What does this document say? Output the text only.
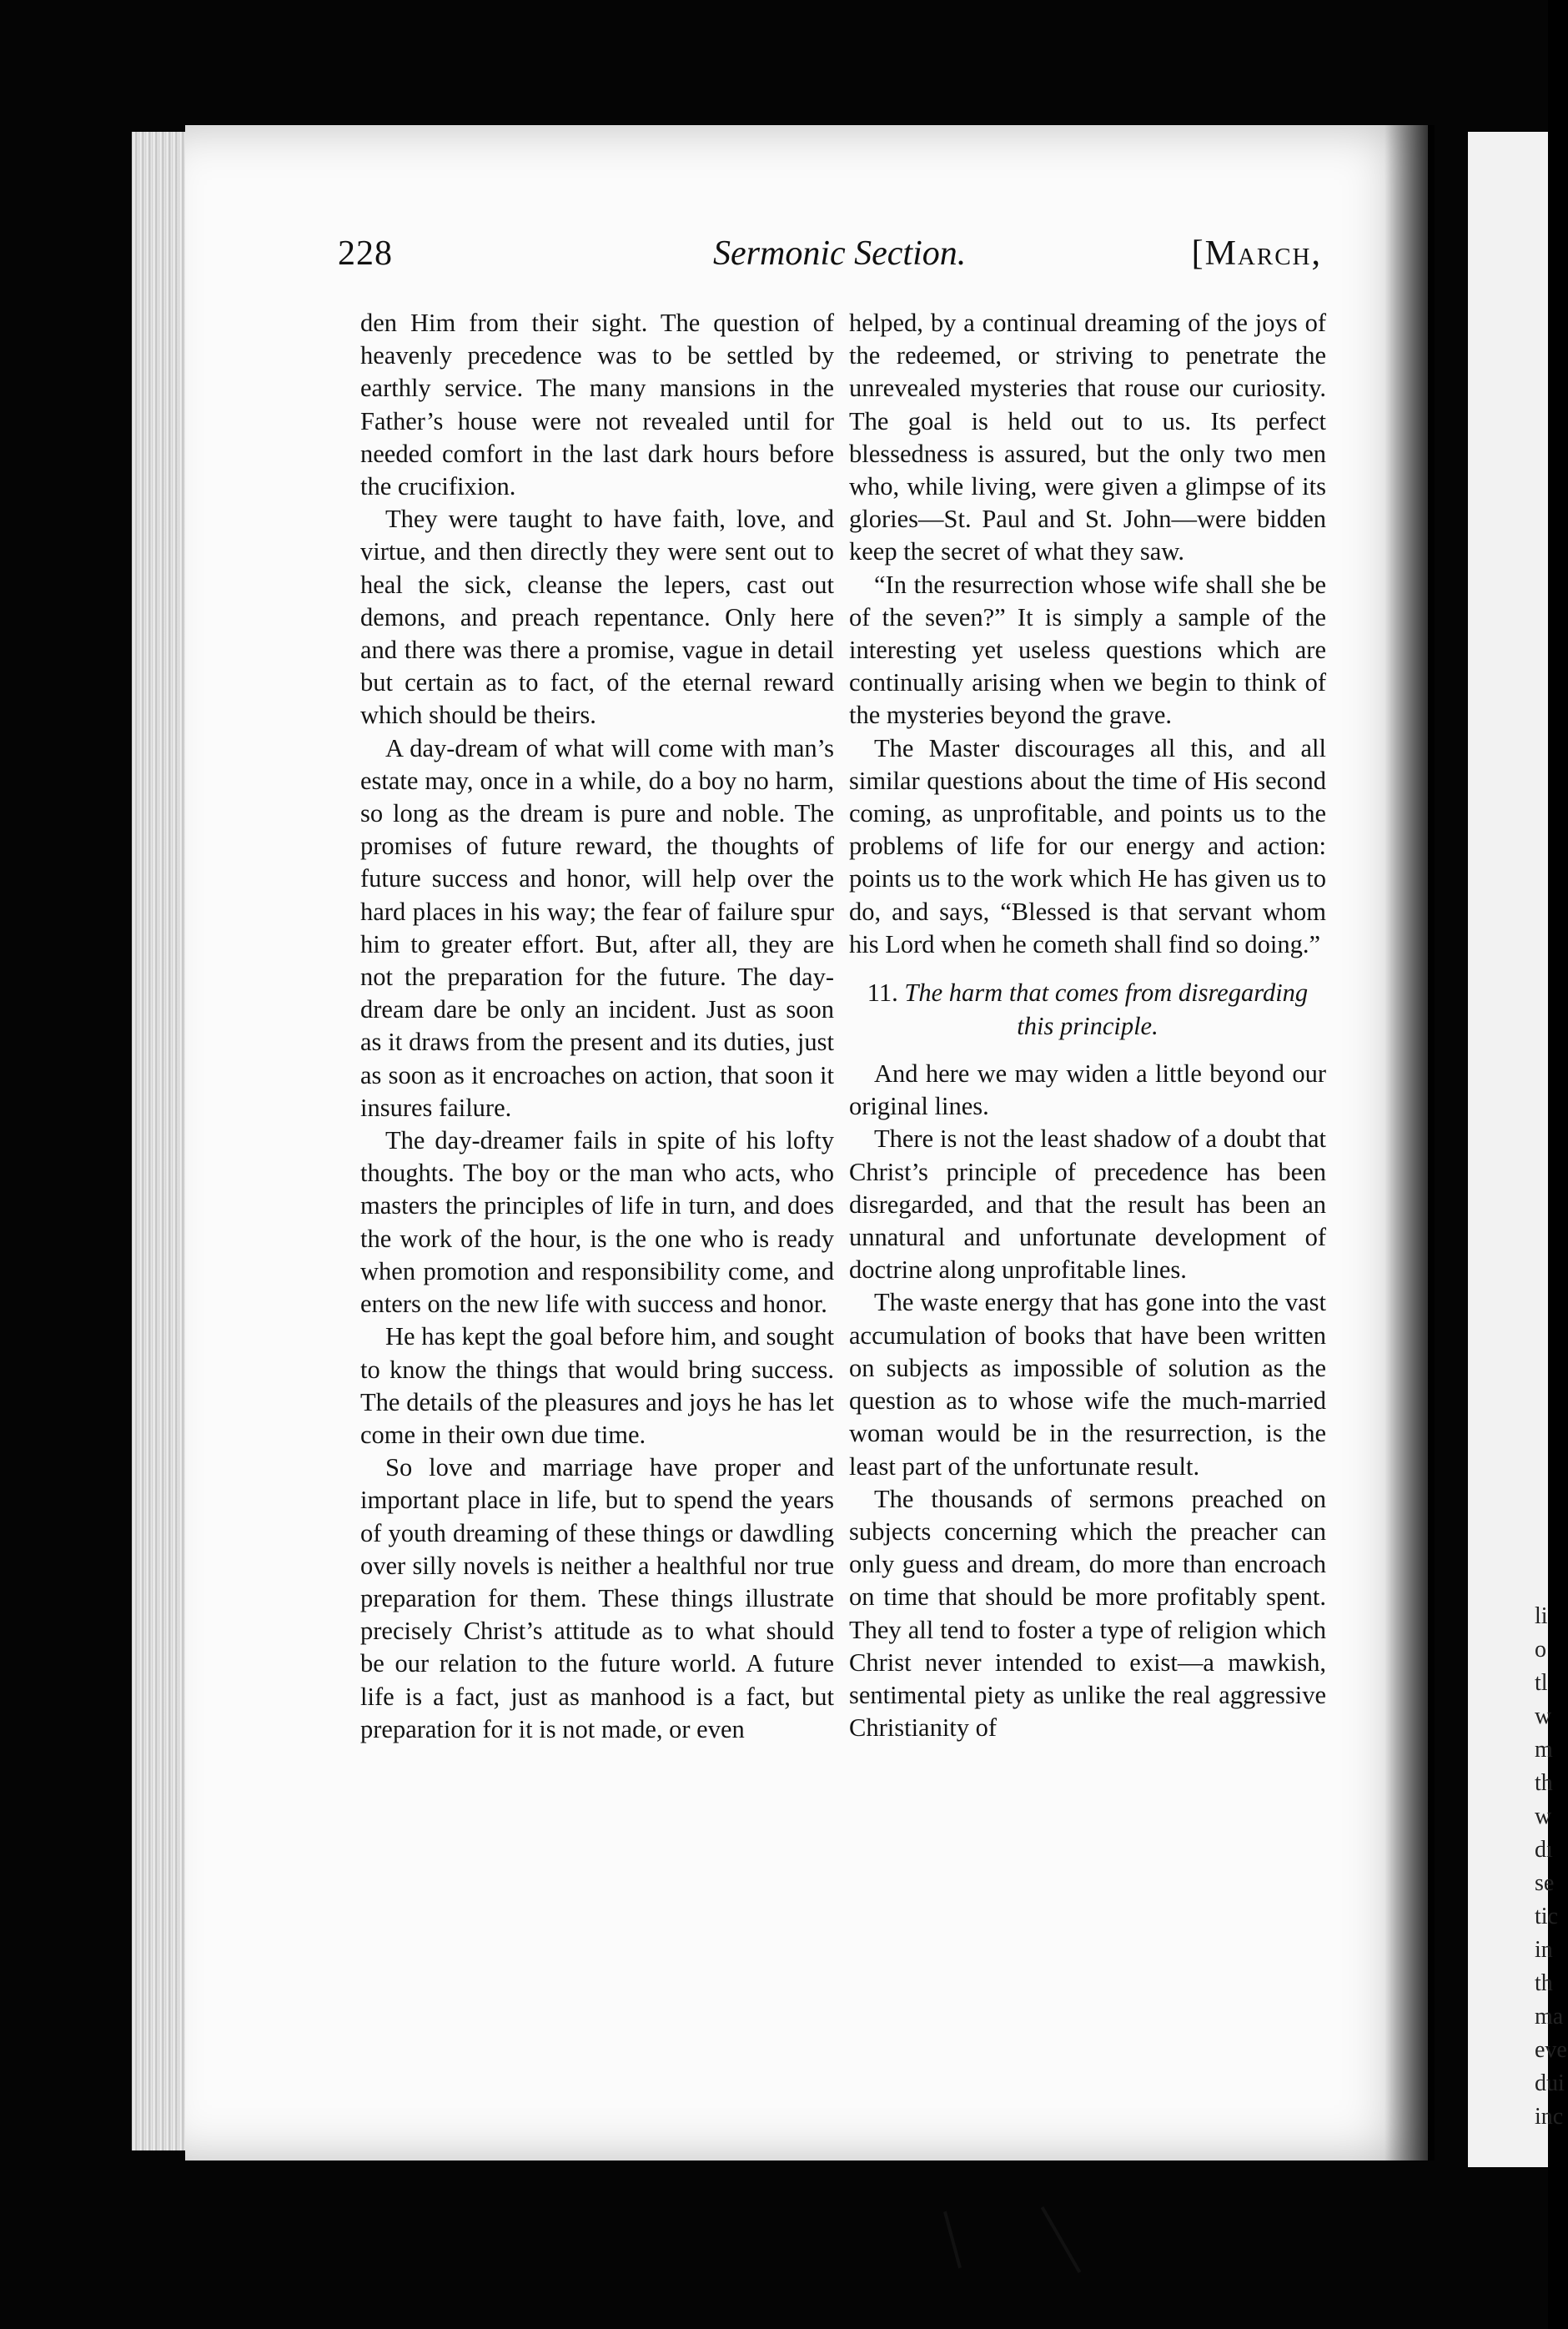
li
o
tl
w
m
th
w
dı
se
tic
in
th
ma
eve
dui
inc
228	Sermonic Section.	[March,

den Him from their sight. The question of heavenly precedence was to be settled by earthly service. The many mansions in the Father’s house were not revealed until for needed comfort in the last dark hours before the crucifixion.

They were taught to have faith, love, and virtue, and then directly they were sent out to heal the sick, cleanse the lepers, cast out demons, and preach repentance. Only here and there was there a promise, vague in detail but certain as to fact, of the eternal reward which should be theirs.

A day-dream of what will come with man’s estate may, once in a while, do a boy no harm, so long as the dream is pure and noble. The promises of future reward, the thoughts of future success and honor, will help over the hard places in his way; the fear of failure spur him to greater effort. But, after all, they are not the preparation for the future. The day-dream dare be only an incident. Just as soon as it draws from the present and its duties, just as soon as it encroaches on action, that soon it insures failure.

The day-dreamer fails in spite of his lofty thoughts. The boy or the man who acts, who masters the principles of life in turn, and does the work of the hour, is the one who is ready when promotion and responsibility come, and enters on the new life with success and honor.

He has kept the goal before him, and sought to know the things that would bring success. The details of the pleasures and joys he has let come in their own due time.

So love and marriage have proper and important place in life, but to spend the years of youth dreaming of these things or dawdling over silly novels is neither a healthful nor true preparation for them. These things illustrate precisely Christ’s attitude as to what should be our relation to the future world. A future life is a fact, just as manhood is a fact, but preparation for it is not made, or even

helped, by a continual dreaming of the joys of the redeemed, or striving to penetrate the unrevealed mysteries that rouse our curiosity. The goal is held out to us. Its perfect blessedness is assured, but the only two men who, while living, were given a glimpse of its glories—St. Paul and St. John—were bidden keep the secret of what they saw.

“In the resurrection whose wife shall she be of the seven?” It is simply a sample of the interesting yet useless questions which are continually arising when we begin to think of the mysteries beyond the grave.

The Master discourages all this, and all similar questions about the time of His second coming, as unprofitable, and points us to the problems of life for our energy and action: points us to the work which He has given us to do, and says, “Blessed is that servant whom his Lord when he cometh shall find so doing.”

11. The harm that comes from disregarding this principle.

And here we may widen a little beyond our original lines.

There is not the least shadow of a doubt that Christ’s principle of precedence has been disregarded, and that the result has been an unnatural and unfortunate development of doctrine along unprofitable lines.

The waste energy that has gone into the vast accumulation of books that have been written on subjects as impossible of solution as the question as to whose wife the much-married woman would be in the resurrection, is the least part of the unfortunate result.

The thousands of sermons preached on subjects concerning which the preacher can only guess and dream, do more than encroach on time that should be more profitably spent. They all tend to foster a type of religion which Christ never intended to exist—a mawkish, sentimental piety as unlike the real aggressive Christianity of
